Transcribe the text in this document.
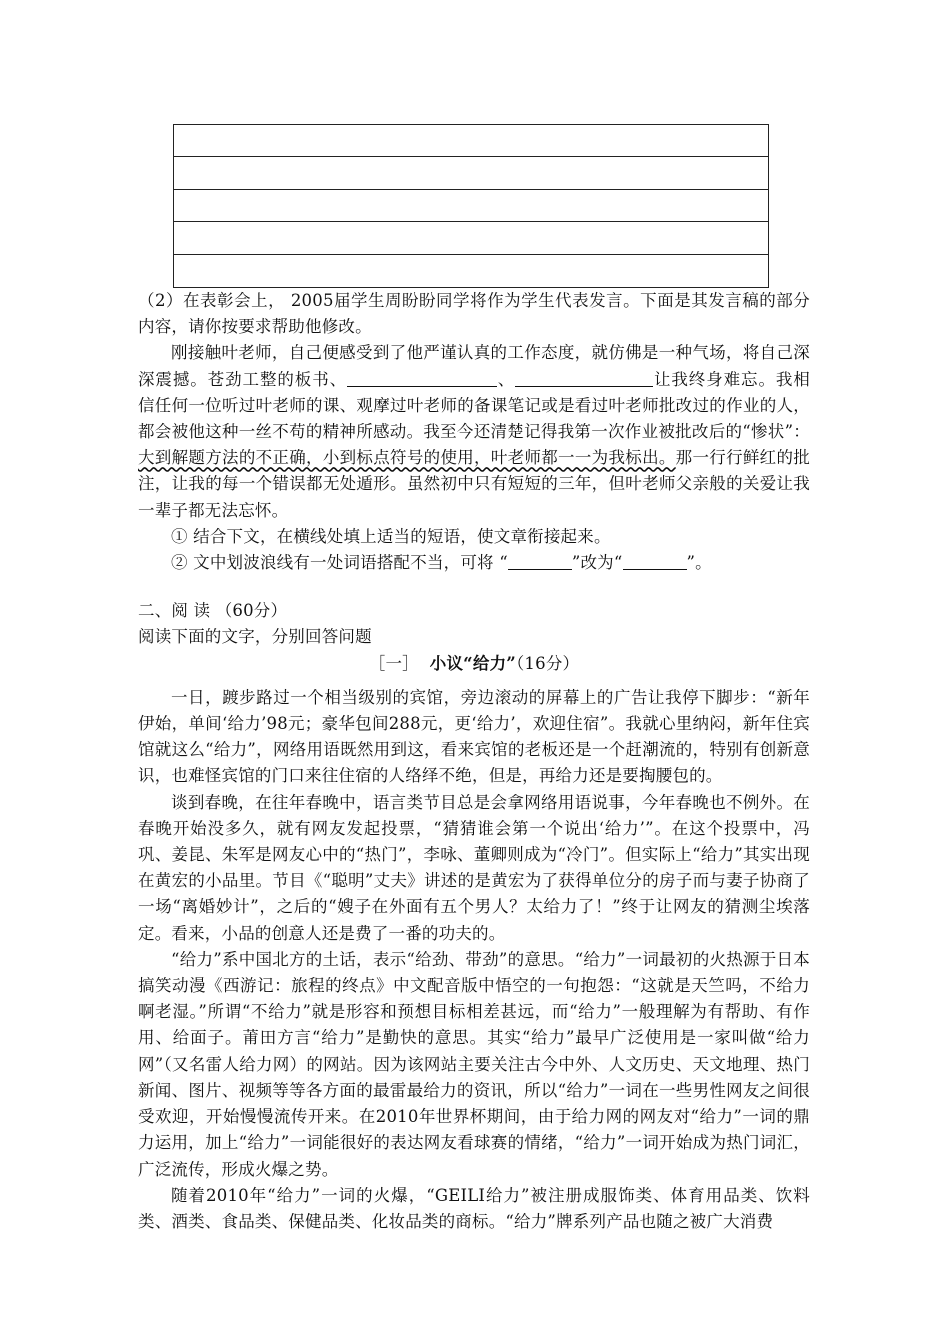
（2）在表彰会上， 2005届学生周盼盼同学将作为学生代表发言。下面是其发言稿的部分内容，请你按要求帮助他修改。

刚接触叶老师，自己便感受到了他严谨认真的工作态度，就仿佛是一种气场，将自己深深震撼。苍劲工整的板书、	、	让我终身难忘。我相信任何一位听过叶老师的课、观摩过叶老师的备课笔记或是看过叶老师批改过的作业的人，都会被他这种一丝不苟的精神所感动。我至今还清楚记得我第一次作业被批改后的“惨状”：大到解题方法的不正确，小到标点符号的使用，叶老师都一一为我标出。那一行行鲜红的批注，让我的每一个错误都无处遁形。虽然初中只有短短的三年，但叶老师父亲般的关爱让我一辈子都无法忘怀。

① 结合下文，在横线处填上适当的短语，使文章衔接起来。

② 文中划波浪线有一处词语搭配不当，可将 “	”改为“	”。

二、阅 读 （60分）

阅读下面的文字，分别回答问题

［一］ 小议“给力”（16分）

一日，踱步路过一个相当级别的宾馆，旁边滚动的屏幕上的广告让我停下脚步：“新年伊始，单间‘给力’98元；豪华包间288元，更‘给力’，欢迎住宿”。我就心里纳闷，新年住宾馆就这么“给力”，网络用语既然用到这，看来宾馆的老板还是一个赶潮流的，特别有创新意识，也难怪宾馆的门口来往住宿的人络绎不绝，但是，再给力还是要掏腰包的。

谈到春晚，在往年春晚中，语言类节目总是会拿网络用语说事，今年春晚也不例外。在春晚开始没多久，就有网友发起投票，“猜猜谁会第一个说出‘给力’”。在这个投票中，冯巩、姜昆、朱军是网友心中的“热门”，李咏、董卿则成为“冷门”。但实际上“给力”其实出现在黄宏的小品里。节目《“聪明”丈夫》讲述的是黄宏为了获得单位分的房子而与妻子协商了一场“离婚妙计”，之后的“嫂子在外面有五个男人？太给力了！”终于让网友的猜测尘埃落定。看来，小品的创意人还是费了一番的功夫的。

“给力”系中国北方的土话，表示“给劲、带劲”的意思。“给力”一词最初的火热源于日本搞笑动漫《西游记：旅程的终点》中文配音版中悟空的一句抱怨：“这就是天竺吗，不给力啊老湿。”所谓“不给力”就是形容和预想目标相差甚远，而“给力”一般理解为有帮助、有作用、给面子。莆田方言“给力”是勤快的意思。其实“给力”最早广泛使用是一家叫做“给力网”（又名雷人给力网）的网站。因为该网站主要关注古今中外、人文历史、天文地理、热门新闻、图片、视频等等各方面的最雷最给力的资讯，所以“给力”一词在一些男性网友之间很受欢迎，开始慢慢流传开来。在2010年世界杯期间，由于给力网的网友对“给力”一词的鼎力运用，加上“给力”一词能很好的表达网友看球赛的情绪，“给力”一词开始成为热门词汇，广泛流传，形成火爆之势。

随着2010年“给力”一词的火爆，“GEILI给力”被注册成服饰类、体育用品类、饮料类、酒类、食品类、保健品类、化妆品类的商标。“给力”牌系列产品也随之被广大消费
